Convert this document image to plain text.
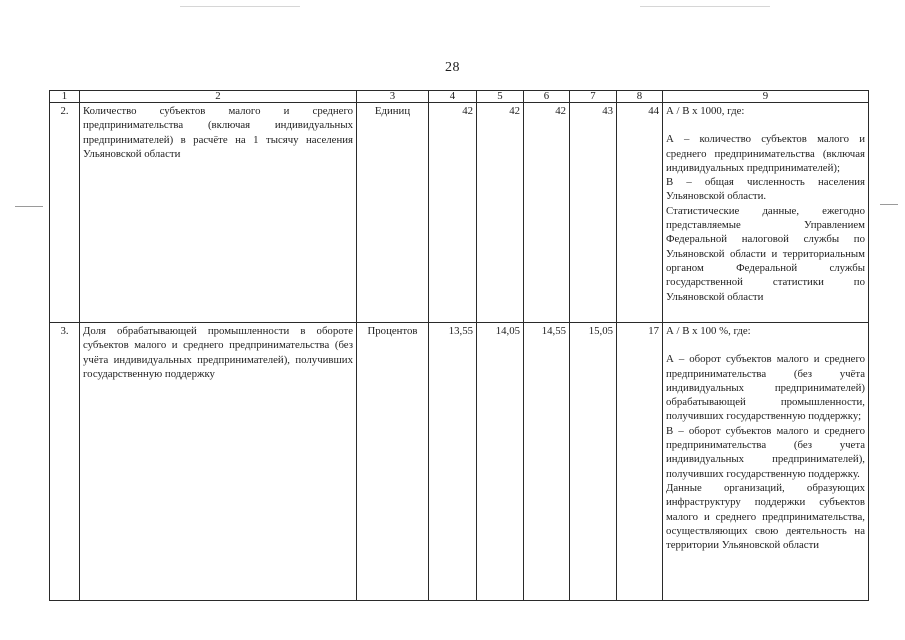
28
1	2	3	4	5	6	7	8	9
2.	Количество субъектов малого и среднего предпринимательства (включая индивидуальных предпринимателей) в расчёте на 1 тысячу населения Ульяновской области	Единиц	42	42	42	43	44	А / В х 1000, где:
А – количество субъектов малого и среднего предпринимательства (включая индивидуальных предпринимателей);
В – общая численность населения Ульяновской области.
Статистические данные, ежегодно представляемые Управлением Федеральной налоговой службы по Ульяновской области и территориальным органом Федеральной службы государственной статистики по Ульяновской области

3.	Доля обрабатывающей промышленности в обороте субъектов малого и среднего предпринимательства (без учёта индивидуальных предпринимателей), получивших государственную поддержку	Процентов	13,55	14,05	14,55	15,05	17	А / В х 100 %, где:
А – оборот субъектов малого и среднего предпринимательства (без учёта индивидуальных предпринимателей) обрабатывающей промышленности, получивших государственную поддержку;
В – оборот субъектов малого и среднего предпринимательства (без учета индивидуальных предпринимателей), получивших государственную поддержку.
Данные организаций, образующих инфраструктуру поддержки субъектов малого и среднего предпринимательства, осуществляющих свою деятельность на территории Ульяновской области
